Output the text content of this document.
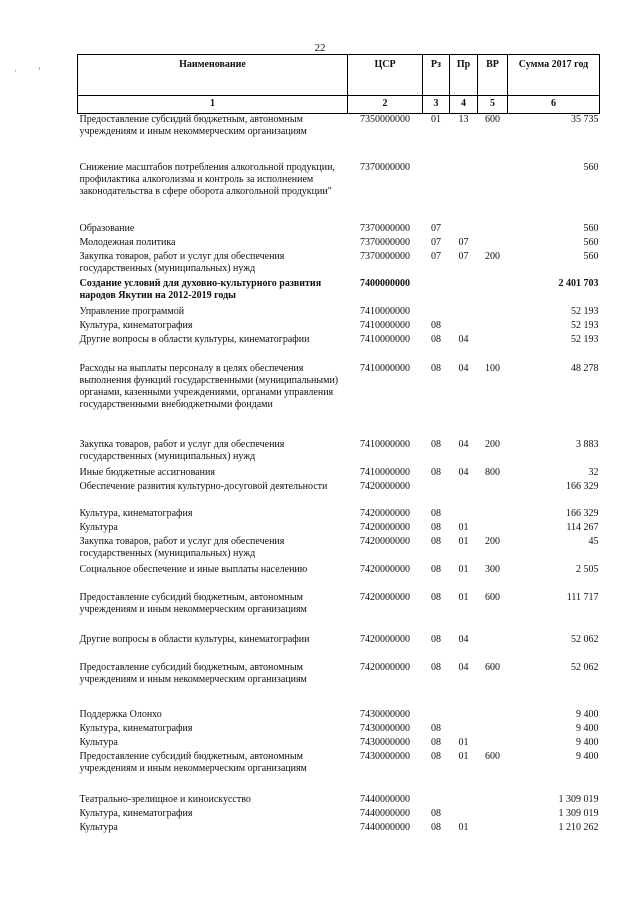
22
· ’
Наименование	ЦСР	Рз	Пр	ВР	Сумма 2017 год
1	2	3	4	5	6
Предоставление субсидий бюджетным, автономным учреждениям и иным некоммерческим организациям	7350000000	01	13	600	35 735
Снижение масштабов потребления алкогольной продукции, профилактика алкоголизма и контроль за исполнением законодательства в сфере оборота алкогольной продукции"	7370000000				560
Образование	7370000000	07			560
Молодежная политика	7370000000	07	07		560
Закупка товаров, работ и услуг для обеспечения государственных (муниципальных) нужд	7370000000	07	07	200	560
Создание условий для духовно-культурного развития народов Якутии на 2012-2019 годы	7400000000				2 401 703
Управление программой	7410000000				52 193
Культура, кинематография	7410000000	08			52 193
Другие вопросы в области культуры, кинематографии	7410000000	08	04		52 193
Расходы на выплаты персоналу в целях обеспечения выполнения функций государственными (муниципальными) органами, казенными учреждениями, органами управления государственными внебюджетными фондами	7410000000	08	04	100	48 278
Закупка товаров, работ и услуг для обеспечения государственных (муниципальных) нужд	7410000000	08	04	200	3 883
Иные бюджетные ассигнования	7410000000	08	04	800	32
Обеспечение развития культурно-досуговой деятельности	7420000000				166 329
Культура, кинематография	7420000000	08			166 329
Культура	7420000000	08	01		114 267
Закупка товаров, работ и услуг для обеспечения государственных (муниципальных) нужд	7420000000	08	01	200	45
Социальное обеспечение и иные выплаты населению	7420000000	08	01	300	2 505
Предоставление субсидий бюджетным, автономным учреждениям и иным некоммерческим организациям	7420000000	08	01	600	111 717
Другие вопросы в области культуры, кинематографии	7420000000	08	04		52 062
Предоставление субсидий бюджетным, автономным учреждениям и иным некоммерческим организациям	7420000000	08	04	600	52 062
Поддержка Олонхо	7430000000				9 400
Культура, кинематография	7430000000	08			9 400
Культура	7430000000	08	01		9 400
Предоставление субсидий бюджетным, автономным учреждениям и иным некоммерческим организациям	7430000000	08	01	600	9 400
Театрально-зрелищное и киноискусство	7440000000				1 309 019
Культура, кинематография	7440000000	08			1 309 019
Культура	7440000000	08	01		1 210 262
